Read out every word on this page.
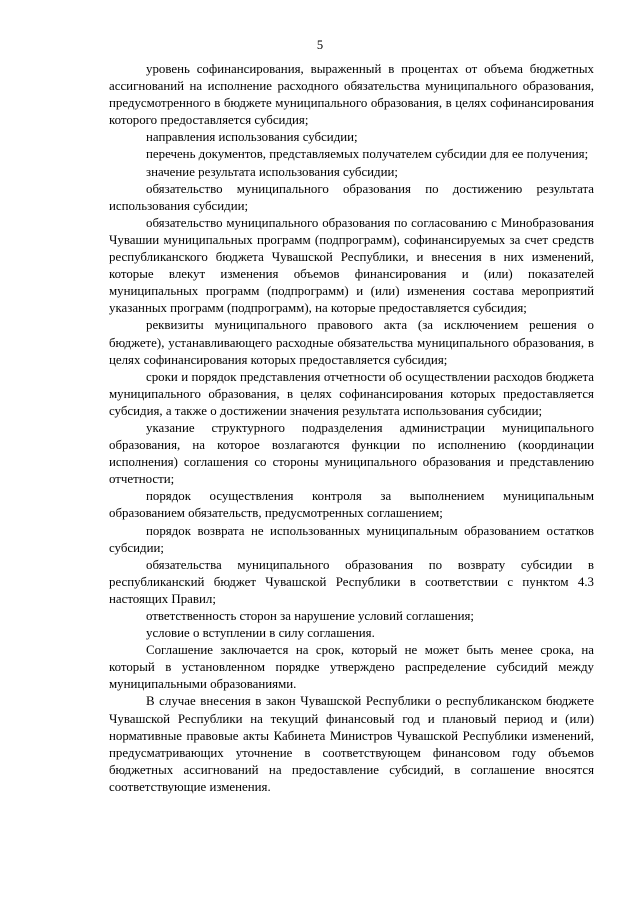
5

уровень софинансирования, выраженный в процентах от объема бюджетных ассигнований на исполнение расходного обязательства муниципального образования, предусмотренного в бюджете муниципального образования, в целях софинансирования которого предоставляется субсидия;

направления использования субсидии;

перечень документов, представляемых получателем субсидии для ее получения;

значение результата использования субсидии;

обязательство муниципального образования по достижению результата использования субсидии;

обязательство муниципального образования по согласованию с Минобразования Чувашии муниципальных программ (подпрограмм), софинансируемых за счет средств республиканского бюджета Чувашской Республики, и внесения в них изменений, которые влекут изменения объемов финансирования и (или) показателей муниципальных программ (подпрограмм) и (или) изменения состава мероприятий указанных программ (подпрограмм), на которые предоставляется субсидия;

реквизиты муниципального правового акта (за исключением решения о бюджете), устанавливающего расходные обязательства муниципального образования, в целях софинансирования которых предоставляется субсидия;

сроки и порядок представления отчетности об осуществлении расходов бюджета муниципального образования, в целях софинансирования которых предоставляется субсидия, а также о достижении значения результата использования субсидии;

указание структурного подразделения администрации муниципального образования, на которое возлагаются функции по исполнению (координации исполнения) соглашения со стороны муниципального образования и представлению отчетности;

порядок осуществления контроля за выполнением муниципальным образованием обязательств, предусмотренных соглашением;

порядок возврата не использованных муниципальным образованием остатков субсидии;

обязательства муниципального образования по возврату субсидии в республиканский бюджет Чувашской Республики в соответствии с пунктом 4.3 настоящих Правил;

ответственность сторон за нарушение условий соглашения;

условие о вступлении в силу соглашения.

Соглашение заключается на срок, который не может быть менее срока, на который в установленном порядке утверждено распределение субсидий между муниципальными образованиями.

В случае внесения в закон Чувашской Республики о республиканском бюджете Чувашской Республики на текущий финансовый год и плановый период и (или) нормативные правовые акты Кабинета Министров Чувашской Республики изменений, предусматривающих уточнение в соответствующем финансовом году объемов бюджетных ассигнований на предоставление субсидий, в соглашение вносятся соответствующие изменения.
